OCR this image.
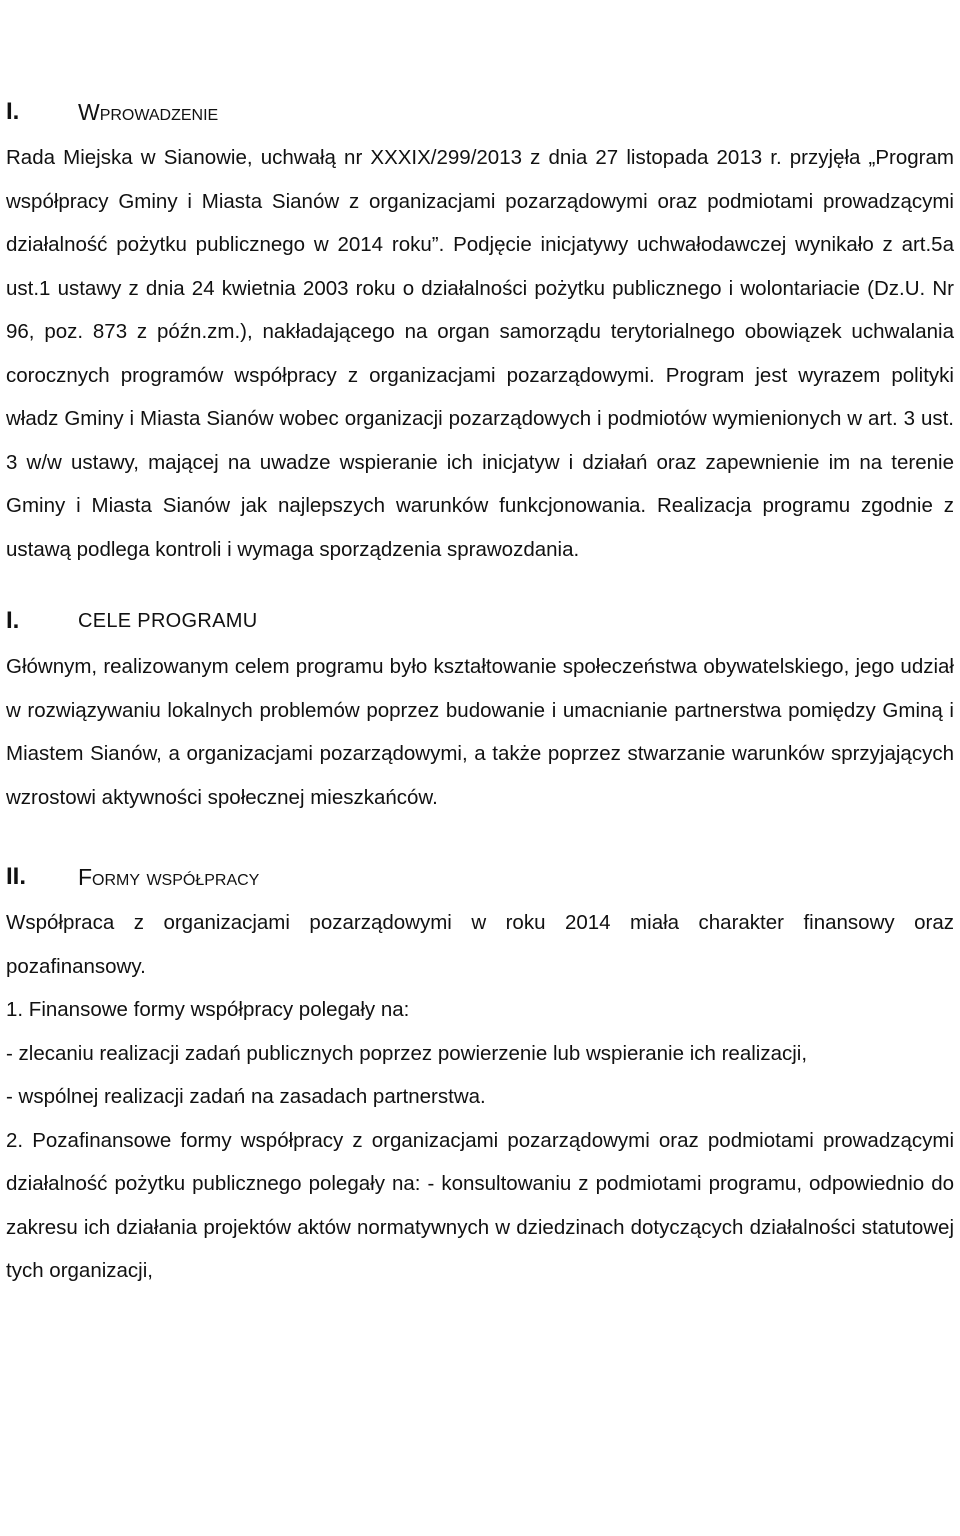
I.	Wprowadzenie

Rada Miejska w Sianowie, uchwałą nr XXXIX/299/2013 z dnia 27 listopada 2013 r. przyjęła „Program współpracy Gminy i Miasta Sianów z organizacjami pozarządowymi oraz podmiotami prowadzącymi działalność pożytku publicznego w 2014 roku”. Podjęcie inicjatywy uchwałodawczej wynikało z art.5a ust.1 ustawy z dnia 24 kwietnia 2003 roku o działalności pożytku publicznego i wolontariacie (Dz.U. Nr 96, poz. 873 z późn.zm.), nakładającego na organ samorządu terytorialnego obowiązek uchwalania corocznych programów współpracy z organizacjami pozarządowymi. Program jest wyrazem polityki władz Gminy i Miasta Sianów wobec organizacji pozarządowych i podmiotów wymienionych w art. 3 ust. 3 w/w ustawy, mającej na uwadze wspieranie ich inicjatyw i działań oraz zapewnienie im na terenie Gminy i Miasta Sianów jak najlepszych warunków funkcjonowania. Realizacja programu zgodnie z ustawą podlega kontroli i wymaga sporządzenia sprawozdania.

I.	CELE PROGRAMU

Głównym, realizowanym celem programu było kształtowanie społeczeństwa obywatelskiego, jego udział w rozwiązywaniu lokalnych problemów poprzez budowanie i umacnianie partnerstwa pomiędzy Gminą i Miastem Sianów, a organizacjami pozarządowymi, a także poprzez stwarzanie warunków sprzyjających wzrostowi aktywności społecznej mieszkańców.

II.	Formy współpracy

Współpraca z organizacjami pozarządowymi w roku 2014 miała charakter finansowy oraz pozafinansowy.

1. Finansowe formy współpracy polegały na:

- zlecaniu realizacji zadań publicznych poprzez powierzenie lub wspieranie ich realizacji,

- wspólnej realizacji zadań na zasadach partnerstwa.

2. Pozafinansowe formy współpracy z organizacjami pozarządowymi oraz podmiotami prowadzącymi działalność pożytku publicznego polegały na: - konsultowaniu z podmiotami programu, odpowiednio do zakresu ich działania projektów aktów normatywnych w dziedzinach dotyczących działalności statutowej tych organizacji,
